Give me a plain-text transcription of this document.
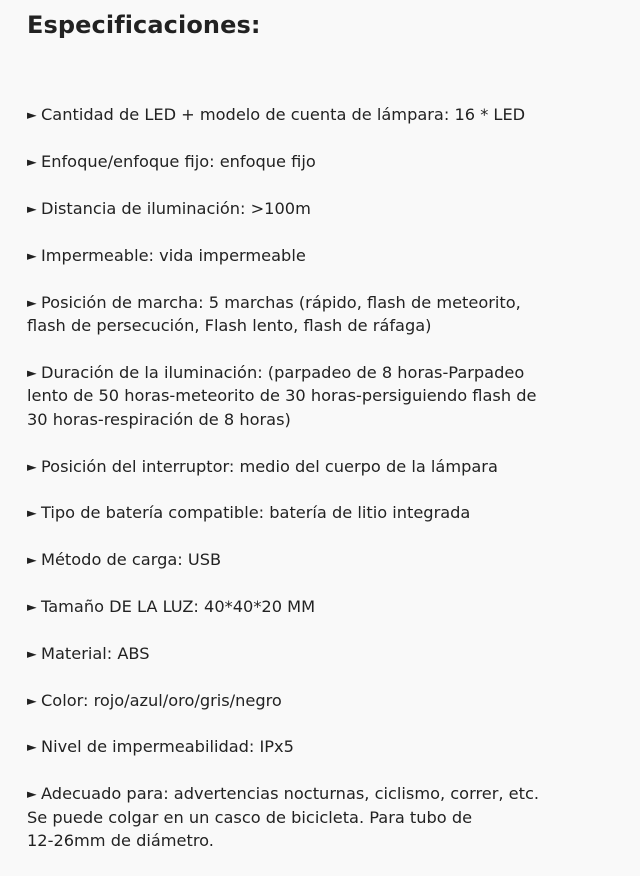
Especificaciones:

► Cantidad de LED + modelo de cuenta de lámpara: 16 * LED

► Enfoque/enfoque fijo: enfoque fijo

► Distancia de iluminación: >100m

► Impermeable: vida impermeable

► Posición de marcha: 5 marchas (rápido, flash de meteorito,
flash de persecución, Flash lento, flash de ráfaga)

► Duración de la iluminación: (parpadeo de 8 horas-Parpadeo
lento de 50 horas-meteorito de 30 horas-persiguiendo flash de
30 horas-respiración de 8 horas)

► Posición del interruptor: medio del cuerpo de la lámpara

► Tipo de batería compatible: batería de litio integrada

► Método de carga: USB

► Tamaño DE LA LUZ: 40*40*20 MM

► Material: ABS

► Color: rojo/azul/oro/gris/negro

► Nivel de impermeabilidad: IPx5

► Adecuado para: advertencias nocturnas, ciclismo, correr, etc.
Se puede colgar en un casco de bicicleta. Para tubo de
12-26mm de diámetro.
